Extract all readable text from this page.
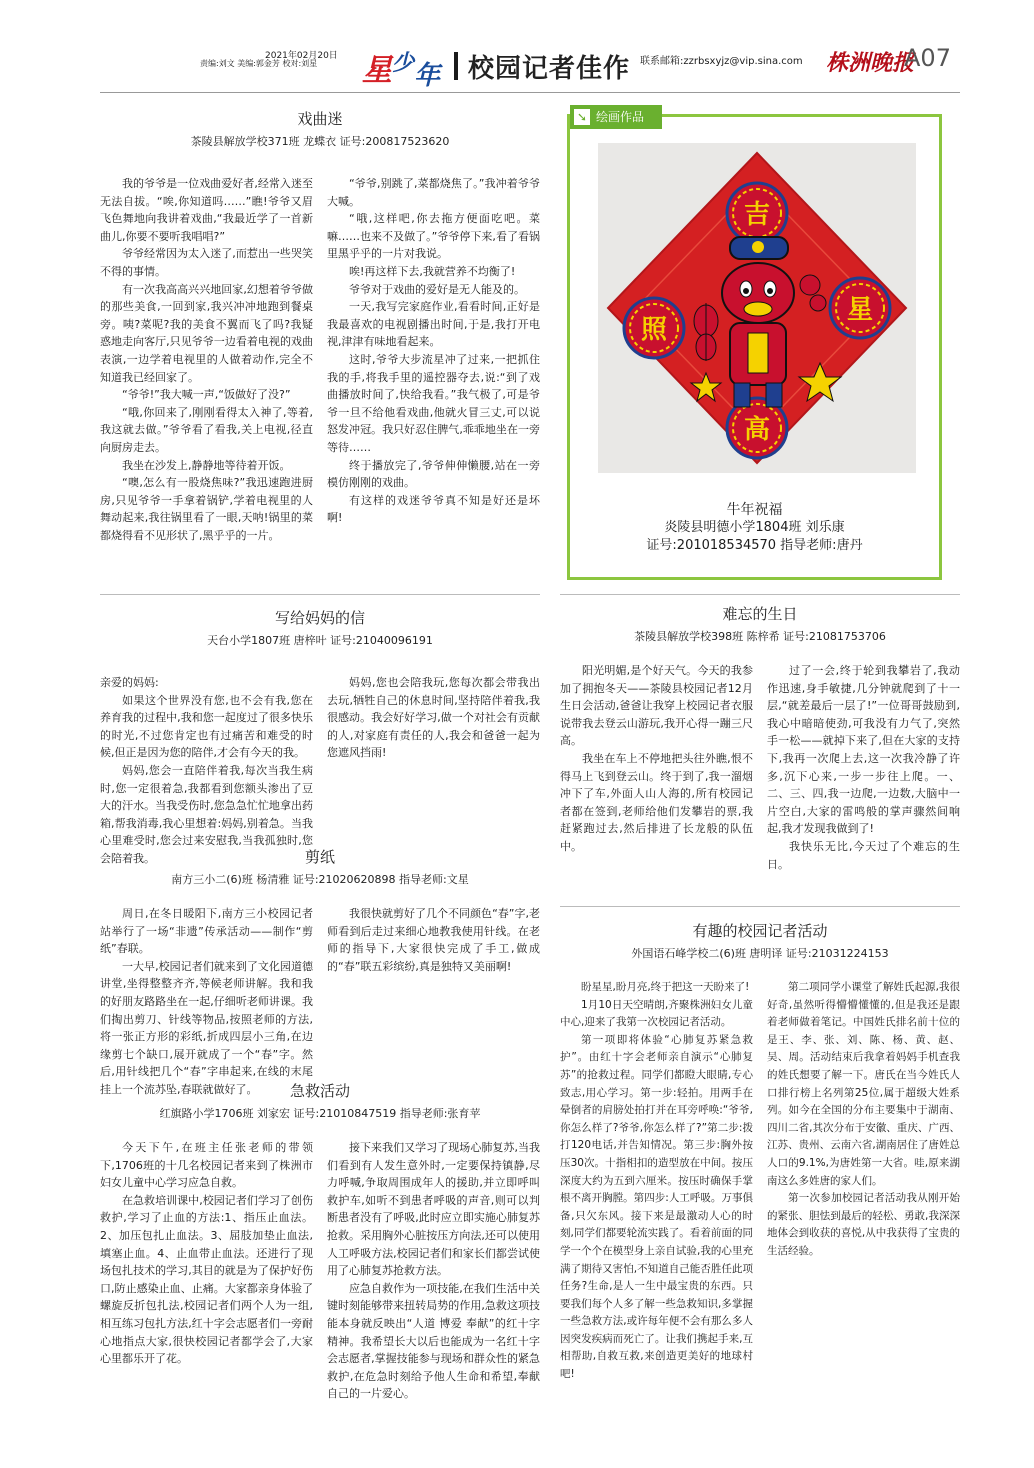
2021年02月20日
责编:刘文 美编:郭金芳 校对:刘星 星 少 年 校园记者佳作 联系邮箱:zzrbsxyjz@vip.sina.com 株洲晚报
A07
戏曲迷
茶陵县解放学校371班 龙蝶衣 证号:20081752362​0

我的爷爷是一位戏曲爱好者,经常入迷至无法自拔。“唉,你知道吗……”瞧!爷爷又眉飞色舞地向我讲着戏曲,“我最近学了一首新曲儿,你要不要听我唱唱?”

爷爷经常因为太入迷了,而惹出一些哭笑不得的事情。

有一次我高高兴兴地回家,幻想着爷爷做的那些美食,一回到家,我兴冲冲地跑到餐桌旁。咦?菜呢?我的美食不翼而飞了吗?我疑惑地走向客厅,只见爷爷一边看着电视的戏曲表演,一边学着电视里的人做着动作,完全不知道我已经回家了。

“爷爷!”我大喊一声,“饭做好了没?”

“哦,你回来了,刚刚看得太入神了,等着,我这就去做。”爷爷看了看我,关上电视,径直向厨房走去。

我坐在沙发上,静静地等待着开饭。

“噢,怎么有一股烧焦味?”我迅速跑进厨房,只见爷爷一手拿着锅铲,学着电视里的人舞动起来,我往锅里看了一眼,天呐!锅里的菜都烧得看不见形状了,黑乎乎的一片。

“爷爷,别跳了,菜都烧焦了。”我冲着爷爷大喊。

“哦,这样吧,你去拖方便面吃吧。菜嘛……也来不及做了。”爷爷停下来,看了看锅里黑乎乎的一片对我说。

唉!再这样下去,我就营养不均衡了!

爷爷对于戏曲的爱好是无人能及的。

一天,我写完家庭作业,看看时间,正好是我最喜欢的电视剧播出时间,于是,我打开电视,津津有味地看起来。

这时,爷爷大步流星冲了过来,一把抓住我的手,将我手里的遥控器夺去,说:“到了戏曲播放时间了,快给我看。”我气极了,可是爷爷一旦不给他看戏曲,他就火冒三丈,可以说怒发冲冠。我只好忍住脾气,乖乖地坐在一旁等待……

终于播放完了,爷爷伸伸懒腰,站在一旁模仿刚刚的戏曲。

有这样的戏迷爷爷真不知是好还是坏啊!

➘ 绘画作品
吉
星
高
照
牛年祝福
炎陵县明德小学1804班 刘乐康
证号:2010185345​70 指导老师:唐丹
写给妈妈的信
天台小学1807班 唐梓叶 证号:21040096191

亲爱的妈妈:

如果这个世界没有您,也不会有我,您在养育我的过程中,我和您一起度过了很多快乐的时光,不过您肯定也有过痛苦和难受的时候,但正是因为您的陪伴,才会有今天的我。

妈妈,您会一直陪伴着我,每次当我生病时,您一定很着急,我都看到您额头渗出了豆大的汗水。当我受伤时,您急急忙忙地拿出药箱,帮我消毒,我心里想着:妈妈,别着急。当我心里难受时,您会过来安慰我,当我孤独时,您会陪着我。

妈妈,您也会陪我玩,您每次都会带我出去玩,牺牲自己的休息时间,坚持陪伴着我,我很感动。我会好好学习,做一个对社会有贡献的人,对家庭有责任的人,我会和爸爸一起为您遮风挡雨!

剪纸
南方三小二(6)班 杨清雅 证号:21020620898 指导老师:文星

周日,在冬日暖阳下,南方三小校园记者站举行了一场“非遗”传承活动——制作“剪纸”春联。

一大早,校园记者们就来到了文化园道德讲堂,坐得整整齐齐,等候老师讲解。我和我的好朋友路路坐在一起,仔细听老师讲课。我们掏出剪刀、针线等物品,按照老师的方法,将一张正方形的彩纸,折成四层小三角,在边缘剪七个缺口,展开就成了一个“春”字。然后,用针线把几个“春”字串起来,在线的末尾挂上一个流苏坠,春联就做好了。

我很快就剪好了几个不同颜色“春”字,老师看到后走过来细心地教我使用针线。在老师的指导下,大家很快完成了手工,做成的“春”联五彩缤纷,真是独特又美丽啊!

急救活动
红旗路小学1706班 刘家宏 证号:21010847519 指导老师:张育苹

今天下午,在班主任张老师的带领下,1706班的十几名校园记者来到了株洲市妇女儿童中心学习应急自救。

在急救培训课中,校园记者们学习了创伤救护,学习了止血的方法:1、指压止血法。2、加压包扎止血法。3、屈肢加垫止血法,填塞止血。4、止血带止血法。还进行了现场包扎技术的学习,其目的就是为了保护好伤口,防止感染止血、止痛。大家都亲身体验了螺旋反折包扎法,校园记者们两个人为一组,相互练习包扎方法,红十字会志愿者们一旁耐心地指点大家,很快校园记者都学会了,大家心里都乐开了花。

接下来我们又学习了现场心肺复苏,当我们看到有人发生意外时,一定要保持镇静,尽力呼喊,争取周围成年人的援助,并立即呼叫救护车,如听不到患者呼吸的声音,则可以判断患者没有了呼吸,此时应立即实施心肺复苏抢救。采用胸外心脏按压方向法,还可以使用人工呼吸方法,校园记者们和家长们都尝试使用了心肺复苏抢救方法。

应急自救作为一项技能,在我们生活中关键时刻能够带来扭转局势的作用,急救这项技能本身就反映出“人道 博爱 奉献”的红十字精神。我希望长大以后也能成为一名红十字会志愿者,掌握技能参与现场和群众性的紧急救护,在危急时刻给予他人生命和希望,奉献自己的一片爱心。

难忘的生日
茶陵县解放学校398班 陈梓希 证号:21081753706

阳光明媚,是个好天气。今天的我参加了拥抱冬天——茶陵县校园记者12月生日会活动,爸爸让我穿上校园记者衣服说带我去登云山游玩,我开心得一蹦三尺高。

我坐在车上不停地把头往外瞧,恨不得马上飞到登云山。终于到了,我一溜烟冲下了车,外面人山人海的,所有校园记者都在签到,老师给他们发攀岩的票,我赶紧跑过去,然后排进了长龙般的队伍中。

过了一会,终于轮到我攀岩了,我动作迅速,身手敏捷,几分钟就爬到了十一层,“就差最后一层了!”一位哥哥鼓励到,我心中暗暗使劲,可我没有力气了,突然手一松——就掉下来了,但在大家的支持下,我再一次爬上去,这一次我冷静了许多,沉下心来,一步一步往上爬。一、二、三、四,我一边爬,一边数,大脑中一片空白,大家的雷鸣般的掌声骤然间响起,我才发现我做到了!

我快乐无比,今天过了个难忘的生日。

有趣的校园记者活动
外国语石峰学校二(6)班 唐明译 证号:21031224153

盼星星,盼月亮,终于把这一天盼来了!

1月10日天空晴朗,齐聚株洲妇女儿童中心,迎来了我第一次校园记者活动。

第一项即将体验“心肺复苏紧急救护”。由红十字会老师亲自演示“心肺复苏”的抢救过程。同学们都瞪大眼睛,专心致志,用心学习。第一步:轻拍。用两手在晕倒者的肩膀处拍打并在耳旁呼唤:“爷爷,你怎么样了?爷爷,你怎么样了?”第二步:拨打120电话,并告知情况。第三步:胸外按压30次。十指相扣的造型放在中间。按压深度大约为五到六厘米。按压时确保手掌根不离开胸膛。第四步:人工呼吸。万事俱备,只欠东风。接下来是最激动人心的时刻,同学们都要轮流实践了。看着前面的同学一个个在模型身上亲自试验,我的心里充满了期待又害怕,不知道自己能否胜任此项任务?生命,是人一生中最宝贵的东西。只要我们每个人多了解一些急救知识,多掌握一些急救方法,或许每年便不会有那么多人因突发疾病而死亡了。让我们携起手来,互相帮助,自救互救,来创造更美好的地球村吧!

第二项同学小课堂了解姓氏起源,我很好奇,虽然听得懵懵懂懂的,但是我还是跟着老师做着笔记。中国姓氏排名前十位的是王、李、张、刘、陈、杨、黄、赵、吴、周。活动结束后我拿着妈妈手机查我的姓氏想要了解一下。唐氏在当今姓氏人口排行榜上名列第25位,属于超级大姓系列。如今在全国的分布主要集中于湖南、四川二省,其次分布于安徽、重庆、广西、江苏、贵州、云南六省,湖南居住了唐姓总人口的9.1%,为唐姓第一大省。哇,原来湖南这么多姓唐的家人们。

第一次参加校园记者活动我从刚开始的紧张、胆怯到最后的轻松、勇敢,我深深地体会到收获的喜悦,从中我获得了宝贵的生活经验。
